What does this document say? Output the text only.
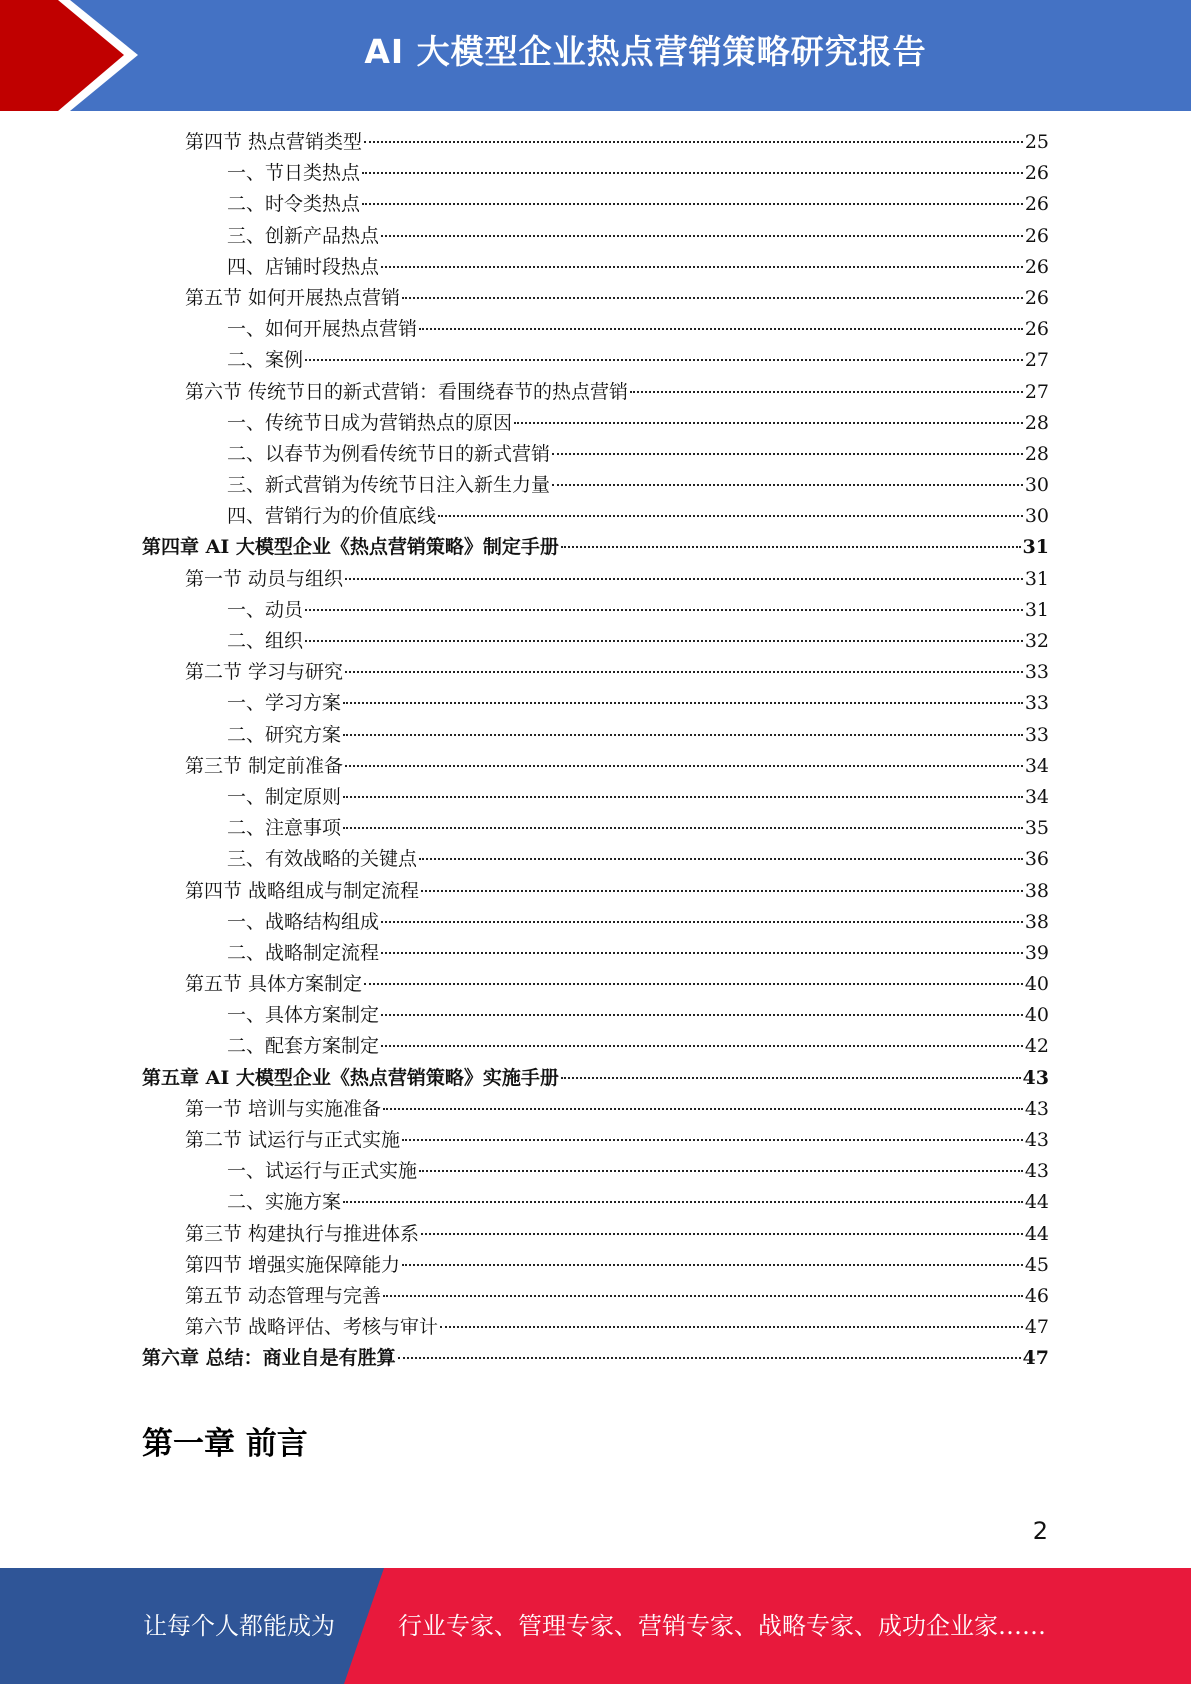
AI 大模型企业热点营销策略研究报告
第四节 热点营销类型	25
一、节日类热点	26
二、时令类热点	26
三、创新产品热点	26
四、店铺时段热点	26
第五节 如何开展热点营销	26
一、如何开展热点营销	26
二、案例	27
第六节 传统节日的新式营销：看围绕春节的热点营销	27
一、传统节日成为营销热点的原因	28
二、以春节为例看传统节日的新式营销	28
三、新式营销为传统节日注入新生力量	30
四、营销行为的价值底线	30
第四章 AI 大模型企业《热点营销策略》制定手册	31
第一节 动员与组织	31
一、动员	31
二、组织	32
第二节 学习与研究	33
一、学习方案	33
二、研究方案	33
第三节 制定前准备	34
一、制定原则	34
二、注意事项	35
三、有效战略的关键点	36
第四节 战略组成与制定流程	38
一、战略结构组成	38
二、战略制定流程	39
第五节 具体方案制定	40
一、具体方案制定	40
二、配套方案制定	42
第五章 AI 大模型企业《热点营销策略》实施手册	43
第一节 培训与实施准备	43
第二节 试运行与正式实施	43
一、试运行与正式实施	43
二、实施方案	44
第三节 构建执行与推进体系	44
第四节 增强实施保障能力	45
第五节 动态管理与完善	46
第六节 战略评估、考核与审计	47
第六章 总结：商业自是有胜算	47
第一章 前言
2
让每个人都能成为	行业专家、管理专家、营销专家、战略专家、成功企业家……
